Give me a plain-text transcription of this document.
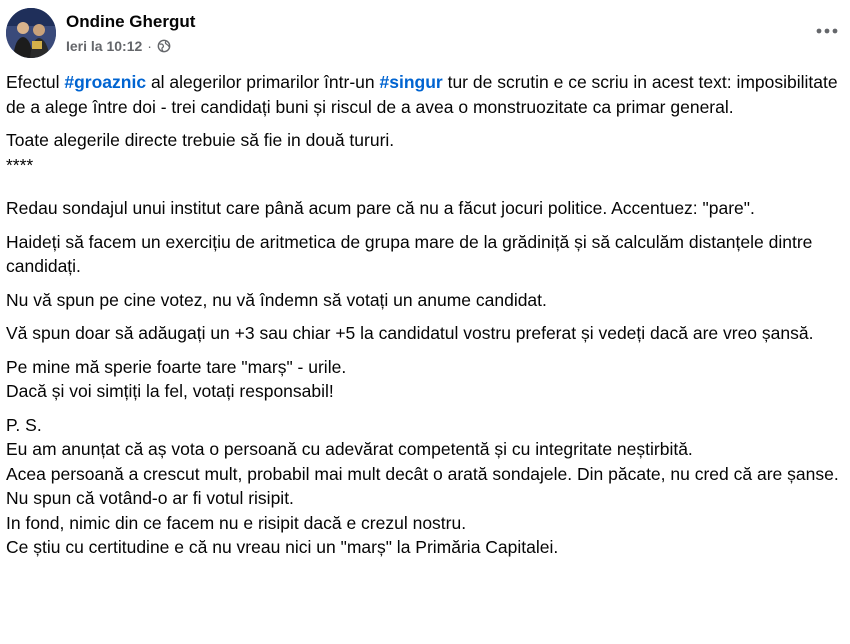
Ondine Ghergut
Ieri la 10:12 ·

Efectul #groaznic al alegerilor primarilor într-un #singur tur de scrutin e ce scriu in acest text: imposibilitate de a alege între doi - trei candidați buni și riscul de a avea o monstruozitate ca primar general.

Toate alegerile directe trebuie să fie in două tururi.

****

Redau sondajul unui institut care până acum pare că nu a făcut jocuri politice. Accentuez: "pare".

Haideți să facem un exercițiu de aritmetica de grupa mare de la grădiniță și să calculăm distanțele dintre candidați.

Nu vă spun pe cine votez, nu vă îndemn să votați un anume candidat.

Vă spun doar să adăugați un +3 sau chiar +5 la candidatul vostru preferat și vedeți dacă are vreo șansă.

Pe mine mă sperie foarte tare "marș" - urile.

Dacă și voi simțiți la fel, votați responsabil!

P. S.

Eu am anunțat că aș vota o persoană cu adevărat competentă și cu integritate neștirbită.

Acea persoană a crescut mult, probabil mai mult decât o arată sondajele. Din păcate, nu cred că are șanse.

Nu spun că votând-o ar fi votul risipit.

In fond, nimic din ce facem nu e risipit dacă e crezul nostru.

Ce știu cu certitudine e că nu vreau nici un "marș" la Primăria Capitalei.
